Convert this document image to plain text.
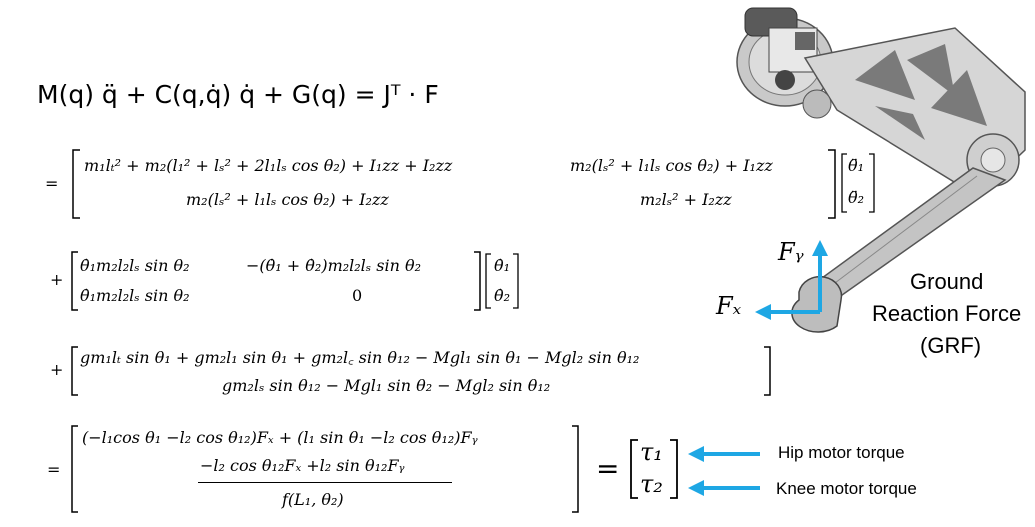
M(q) q̈ + C(q,q̇) q̇ + G(q) = Jᵀ · F
=
m₁lₜ² + m₂(l₁² + lₛ² + 2l₁lₛ cos θ₂) + I₁zz + I₂zz	m₂(lₛ² + l₁lₛ cos θ₂) + I₁zz
m₂(lₛ² + l₁lₛ cos θ₂) + I₂zz	m₂lₛ² + I₂zz
θ̈₁
θ̈₂
+
θ̇₁m₂l₂lₛ sin θ₂	−(θ̇₁ + θ̇₂)m₂l₂lₛ sin θ₂
θ̇₁m₂l₂lₛ sin θ₂	0
θ̇₁
θ̇₂
+
gm₁lₜ sin θ₁ + gm₂l₁ sin θ₁ + gm₂l꜀ sin θ₁₂ − Mgl₁ sin θ₁ − Mgl₂ sin θ₁₂
gm₂lₛ sin θ₁₂ − Mgl₁ sin θ₂ − Mgl₂ sin θ₁₂
=
(−l₁cos θ₁ −l₂ cos θ₁₂)Fₓ + (l₁ sin θ₁ −l₂ cos θ₁₂)Fᵧ
−l₂ cos θ₁₂Fₓ +l₂ sin θ₁₂Fᵧ
f(L₁, θ₂)
= τ₁
τ₂
Hip motor torque
Knee motor torque
Fᵧ
Fₓ
Ground
Reaction Force
(GRF)
